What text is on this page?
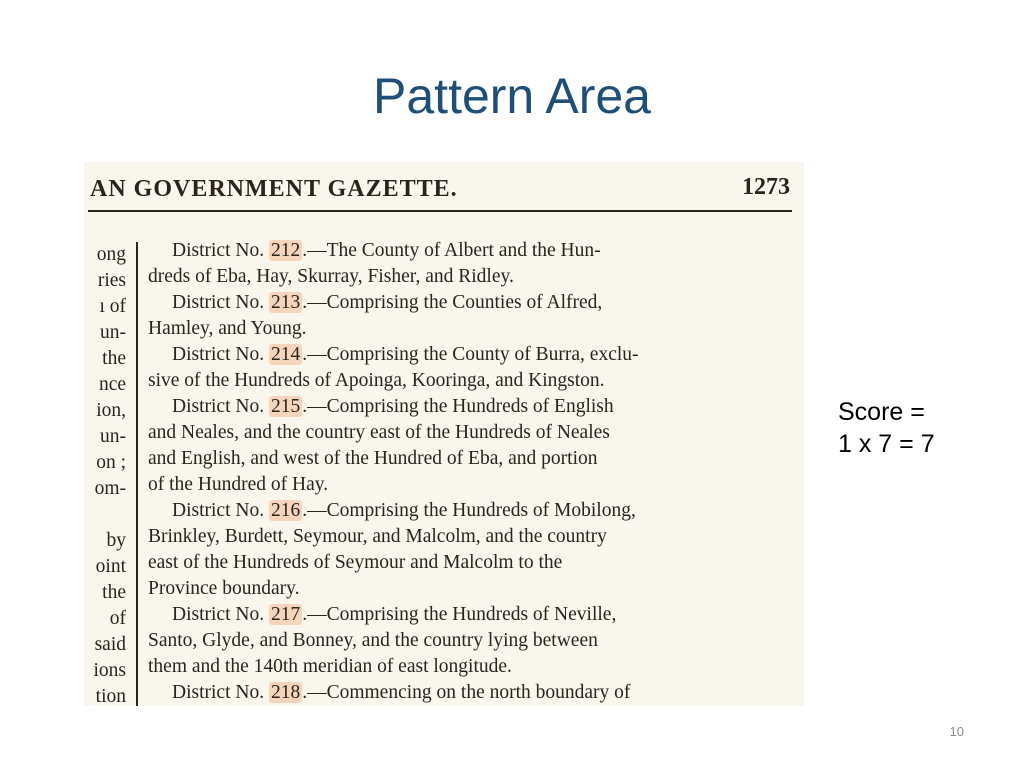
Pattern Area
AN GOVERNMENT GAZETTE.	1273
ong
ries
ı of
un-
the
nce
ion,
un-
on ;
om-
by
oint
the
of
said
ions
tion
District No. 212 .—The County of Albert and the Hun-
dreds of Eba, Hay, Skurray, Fisher, and Ridley.
District No. 213 .—Comprising the Counties of Alfred,
Hamley, and Young.
District No. 214 .—Comprising the County of Burra, exclu-
sive of the Hundreds of Apoinga, Kooringa, and Kingston.
District No. 215 .—Comprising the Hundreds of English
and Neales, and the country east of the Hundreds of Neales
and English, and west of the Hundred of Eba, and portion
of the Hundred of Hay.
District No. 216 .—Comprising the Hundreds of Mobilong,
Brinkley, Burdett, Seymour, and Malcolm, and the country
east of the Hundreds of Seymour and Malcolm to the
Province boundary.
District No. 217 .—Comprising the Hundreds of Neville,
Santo, Glyde, and Bonney, and the country lying between
them and the 140th meridian of east longitude.
District No. 218 .—Commencing on the north boundary of
Score =
1 x 7 = 7
10
